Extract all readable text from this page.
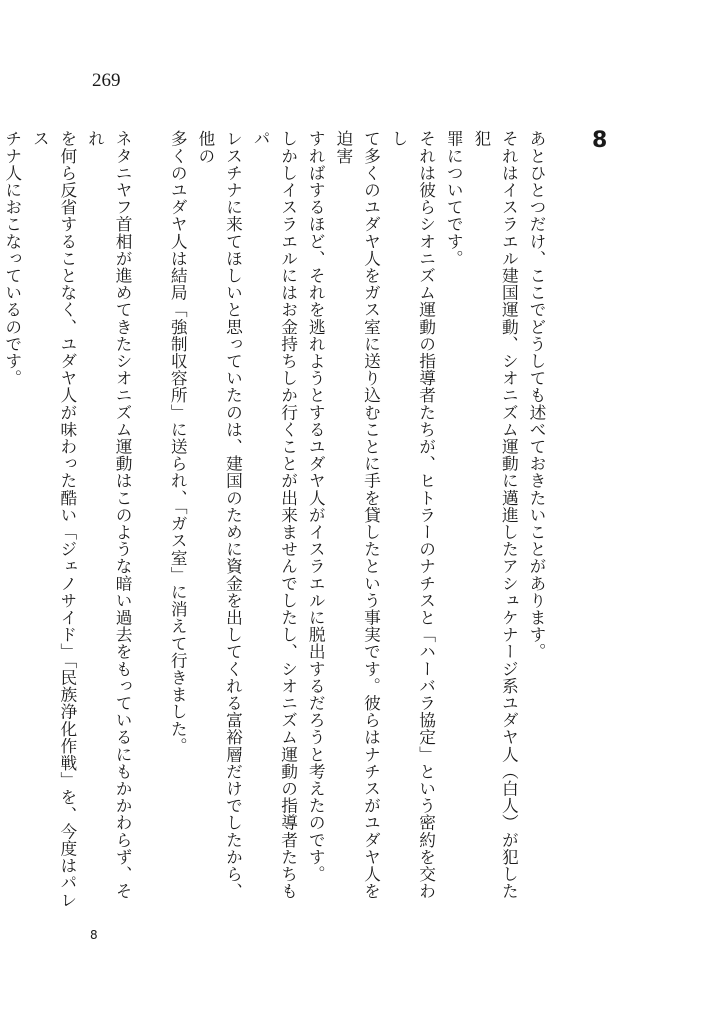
269
8

あとひとつだけ、ここでどうしても述べておきたいことがあります。

それはイスラエル建国運動、シオニズム運動に邁進したアシュケナージ系ユダヤ人（白人）が犯した犯

罪についてです。

それは彼らシオニズム運動の指導者たちが、ヒトラーのナチスと「ハーバラ協定」という密約を交わし

て多くのユダヤ人をガス室に送り込むことに手を貸したという事実です。彼らはナチスがユダヤ人を迫害

すればするほど、それを逃れようとするユダヤ人がイスラエルに脱出するだろうと考えたのです。

しかしイスラエルにはお金持ちしか行くことが出来ませんでしたし、シオニズム運動の指導者たちもパ

レスチナに来てほしいと思っていたのは、建国のために資金を出してくれる富裕層だけでしたから、他の

多くのユダヤ人は結局「強制収容所」に送られ、「ガス室」に消えて行きました。

ネタニヤフ首相が進めてきたシオニズム運動はこのような暗い過去をもっているにもかかわらず、それ

を何ら反省することなく、ユダヤ人が味わった酷い「ジェノサイド」「民族浄化作戦」を、今度はパレス

チナ人におこなっているのです。

8
